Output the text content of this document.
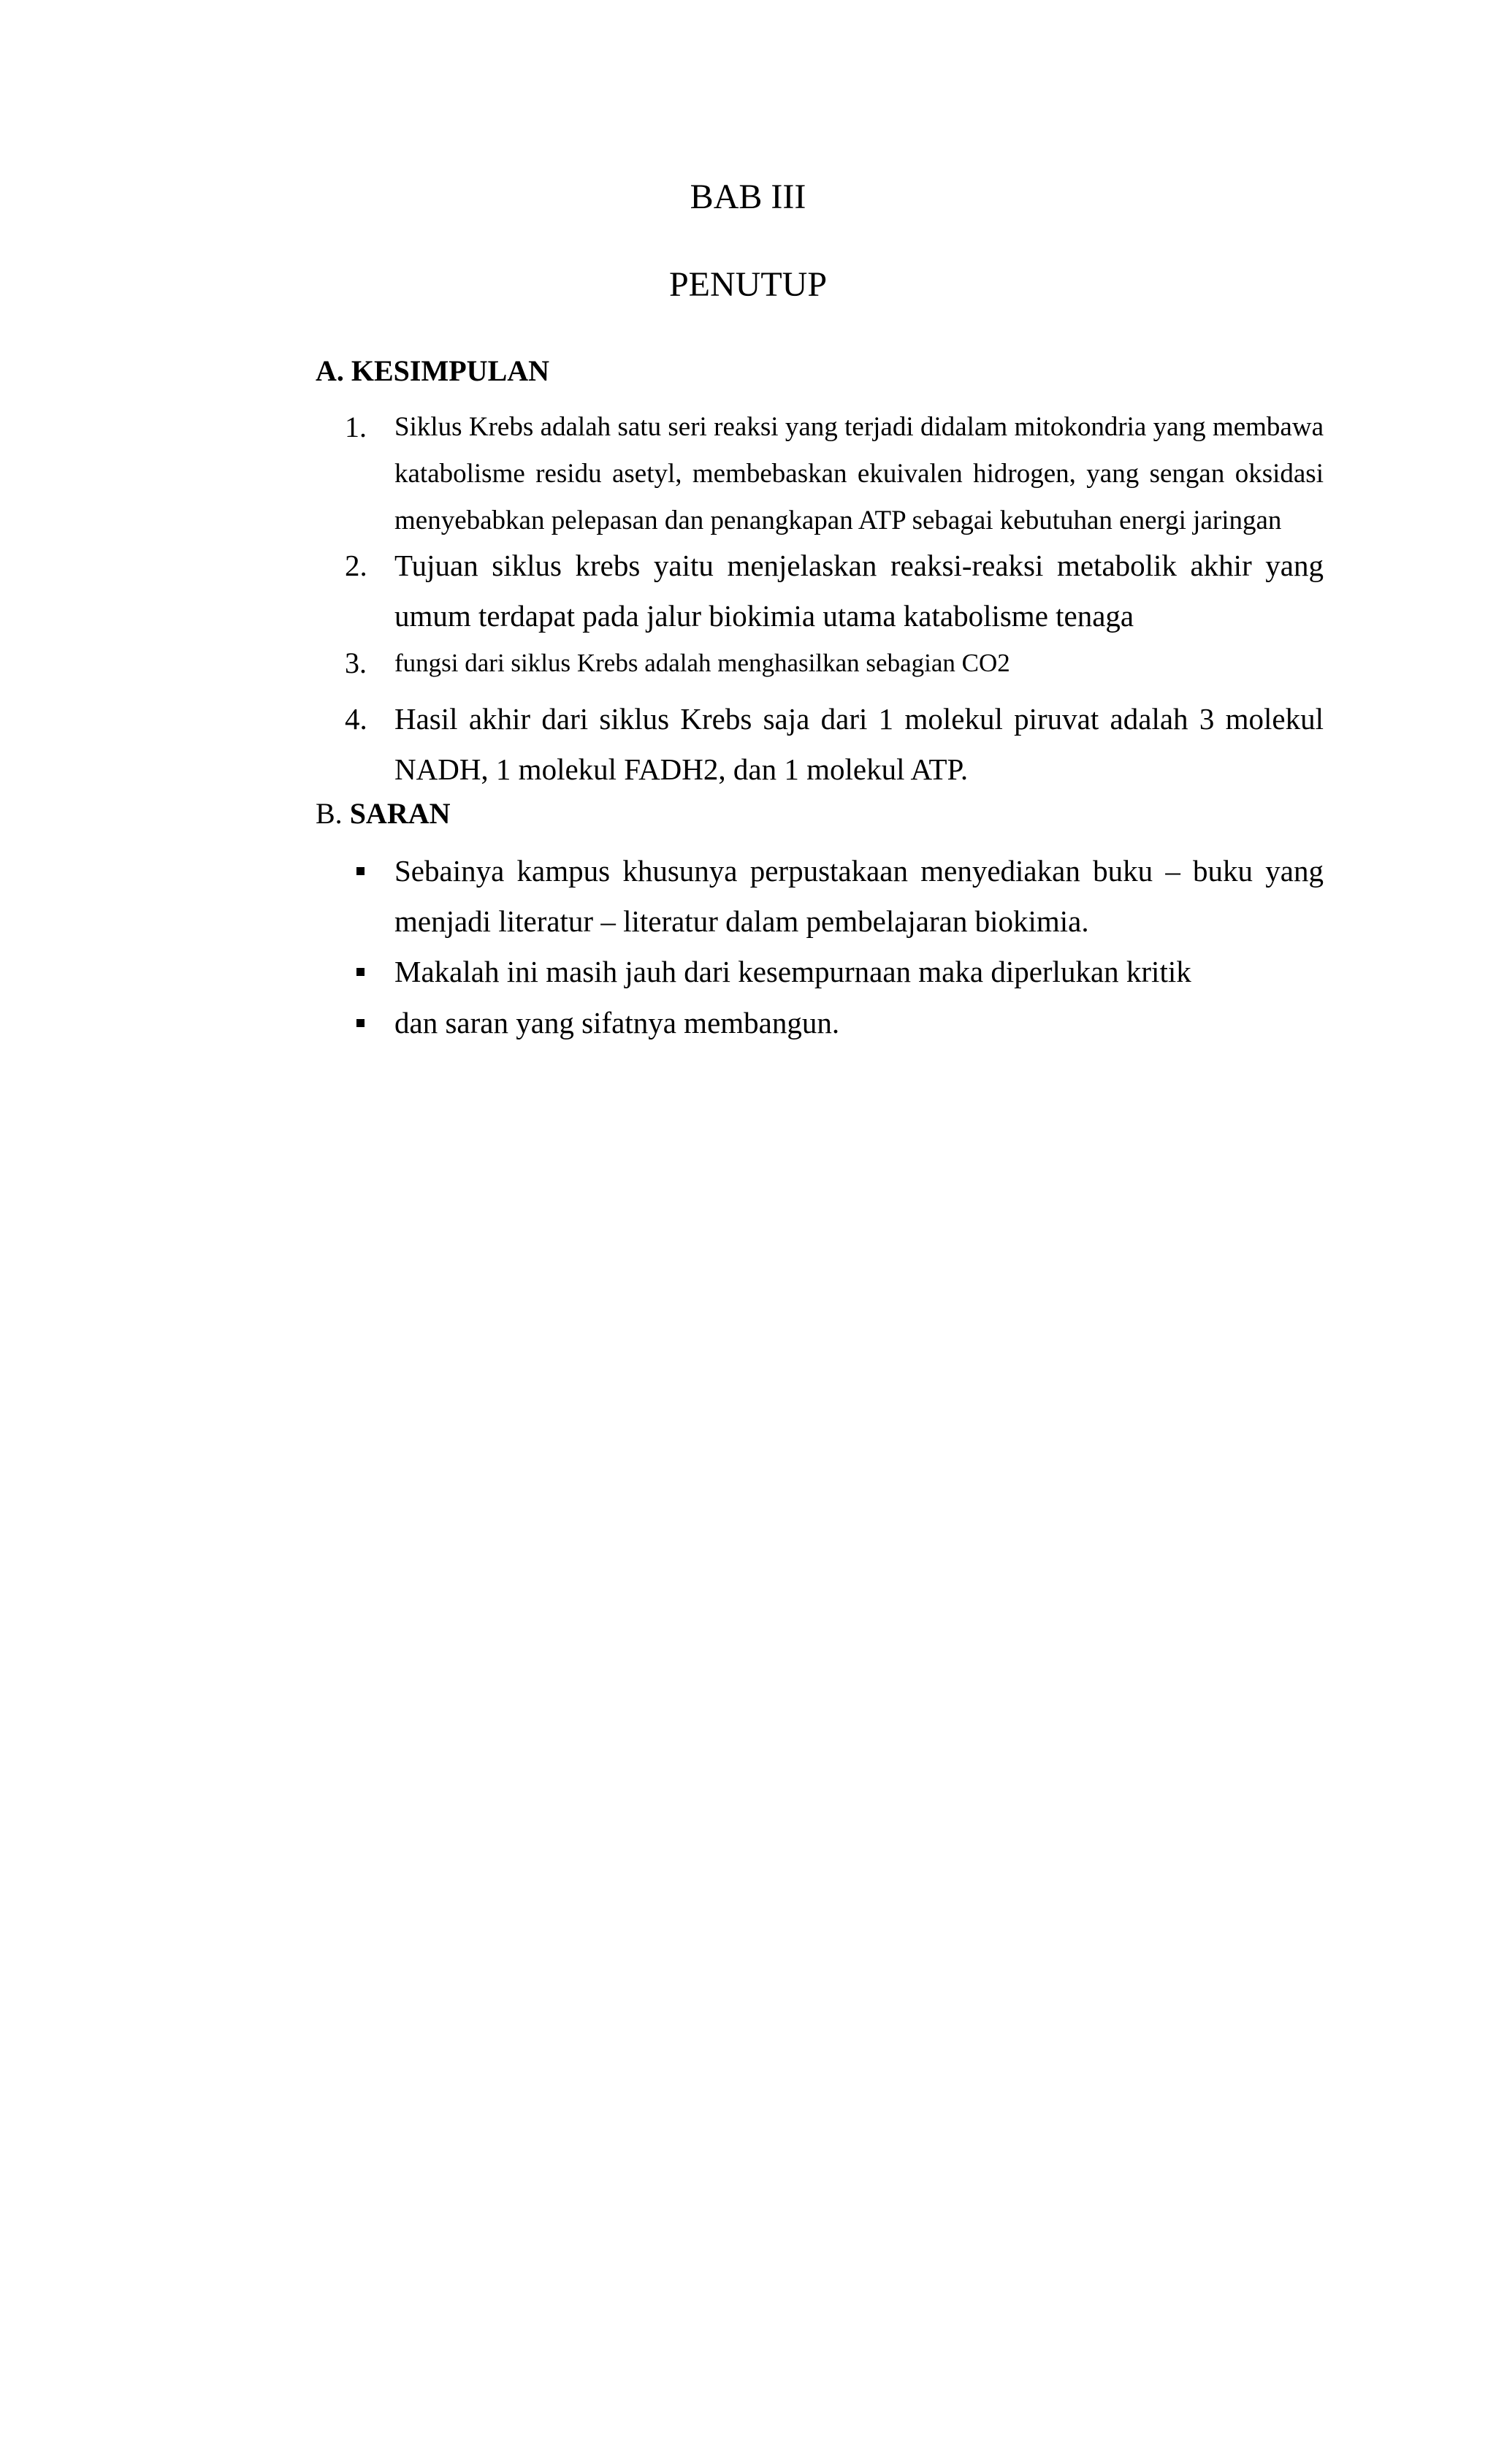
BAB III
PENUTUP
A. KESIMPULAN
1.	Siklus Krebs adalah satu seri reaksi yang terjadi didalam mitokondria yang membawa katabolisme residu asetyl, membebaskan ekuivalen hidrogen, yang sengan oksidasi menyebabkan pelepasan dan penangkapan ATP sebagai kebutuhan energi jaringan
2. Tujuan siklus krebs yaitu menjelaskan reaksi-reaksi metabolik akhir yang umum terdapat pada jalur biokimia utama katabolisme tenaga
3.	fungsi dari siklus Krebs adalah menghasilkan sebagian CO2
4. Hasil akhir dari siklus Krebs saja dari 1 molekul piruvat adalah 3 molekul NADH, 1 molekul FADH2, dan 1 molekul ATP.
B. SARAN
Sebainya kampus khusunya perpustakaan menyediakan buku – buku yang menjadi literatur – literatur dalam pembelajaran biokimia.
Makalah ini masih jauh dari kesempurnaan maka diperlukan kritik
dan saran yang sifatnya membangun.
